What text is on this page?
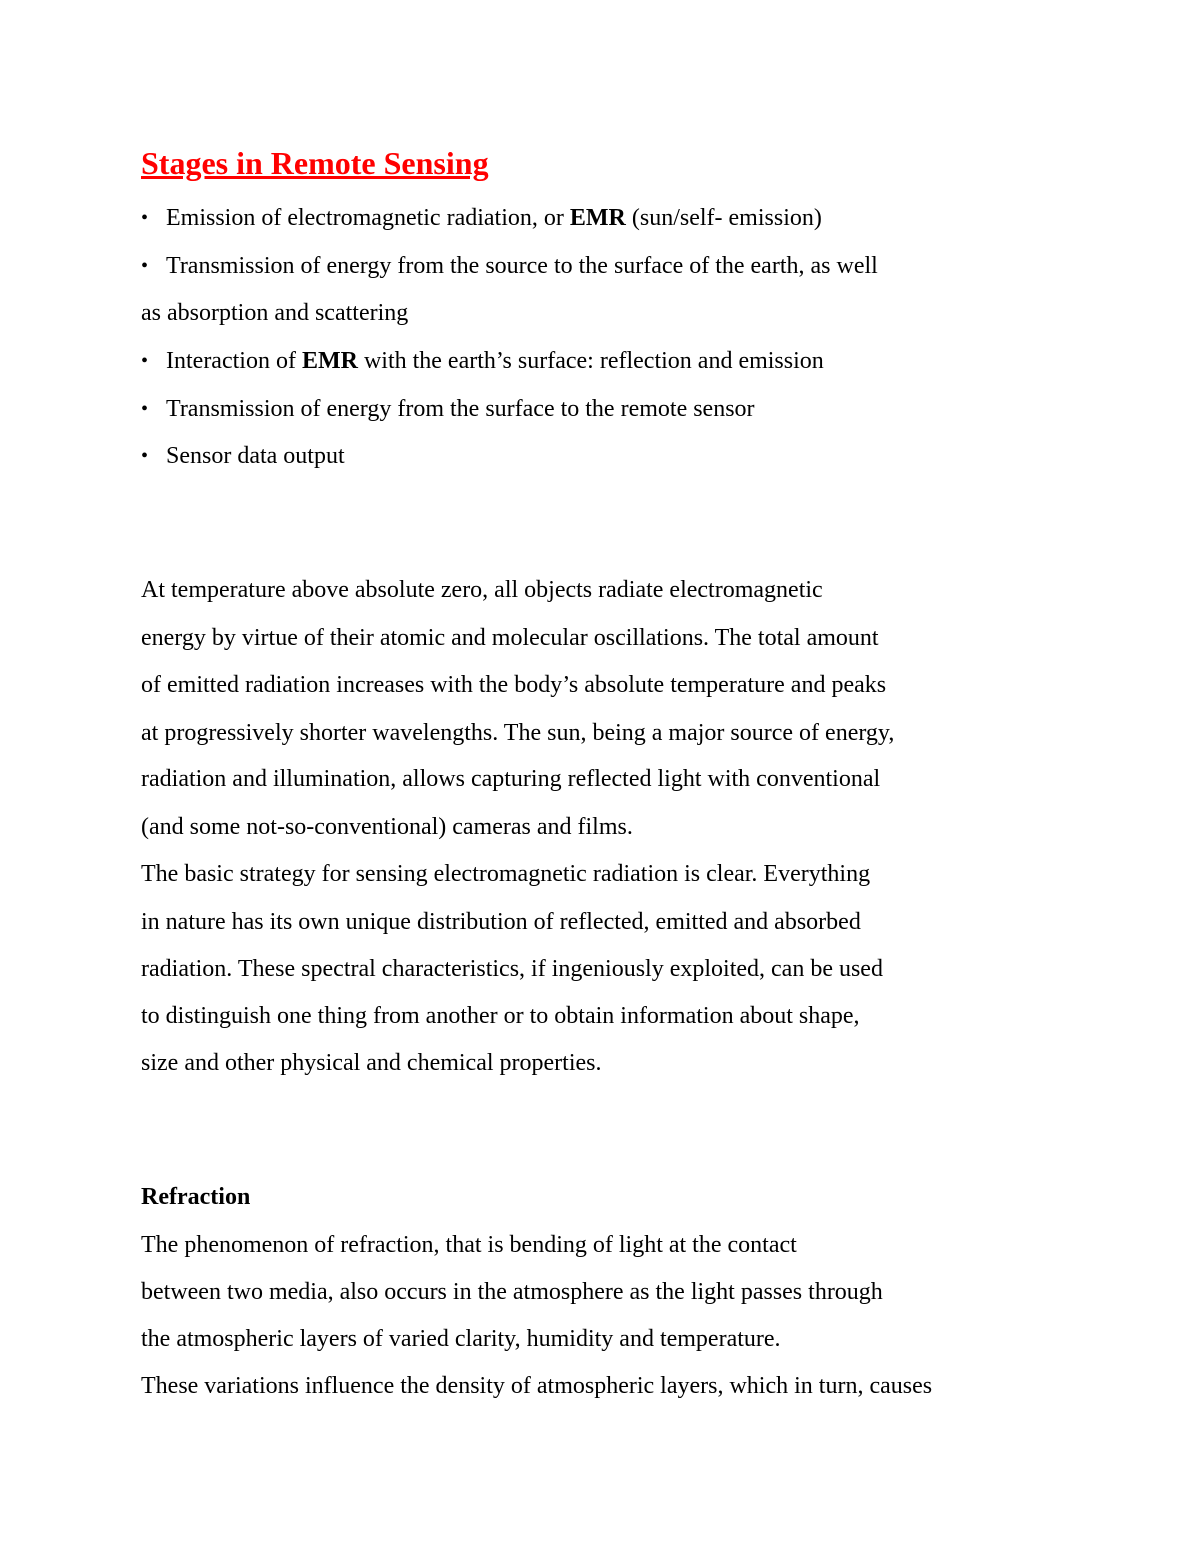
Stages in Remote Sensing
• Emission of electromagnetic radiation, or EMR (sun/self- emission)
• Transmission of energy from the source to the surface of the earth, as well
as absorption and scattering
• Interaction of EMR with the earth’s surface: reflection and emission
• Transmission of energy from the surface to the remote sensor
• Sensor data output
At temperature above absolute zero, all objects radiate electromagnetic
energy by virtue of their atomic and molecular oscillations. The total amount
of emitted radiation increases with the body’s absolute temperature and peaks
at progressively shorter wavelengths. The sun, being a major source of energy,
radiation and illumination, allows capturing reflected light with conventional
(and some not-so-conventional) cameras and films.
The basic strategy for sensing electromagnetic radiation is clear. Everything
in nature has its own unique distribution of reflected, emitted and absorbed
radiation. These spectral characteristics, if ingeniously exploited, can be used
to distinguish one thing from another or to obtain information about shape,
size and other physical and chemical properties.
Refraction
The phenomenon of refraction, that is bending of light at the contact
between two media, also occurs in the atmosphere as the light passes through
the atmospheric layers of varied clarity, humidity and temperature.
These variations influence the density of atmospheric layers, which in turn, causes
